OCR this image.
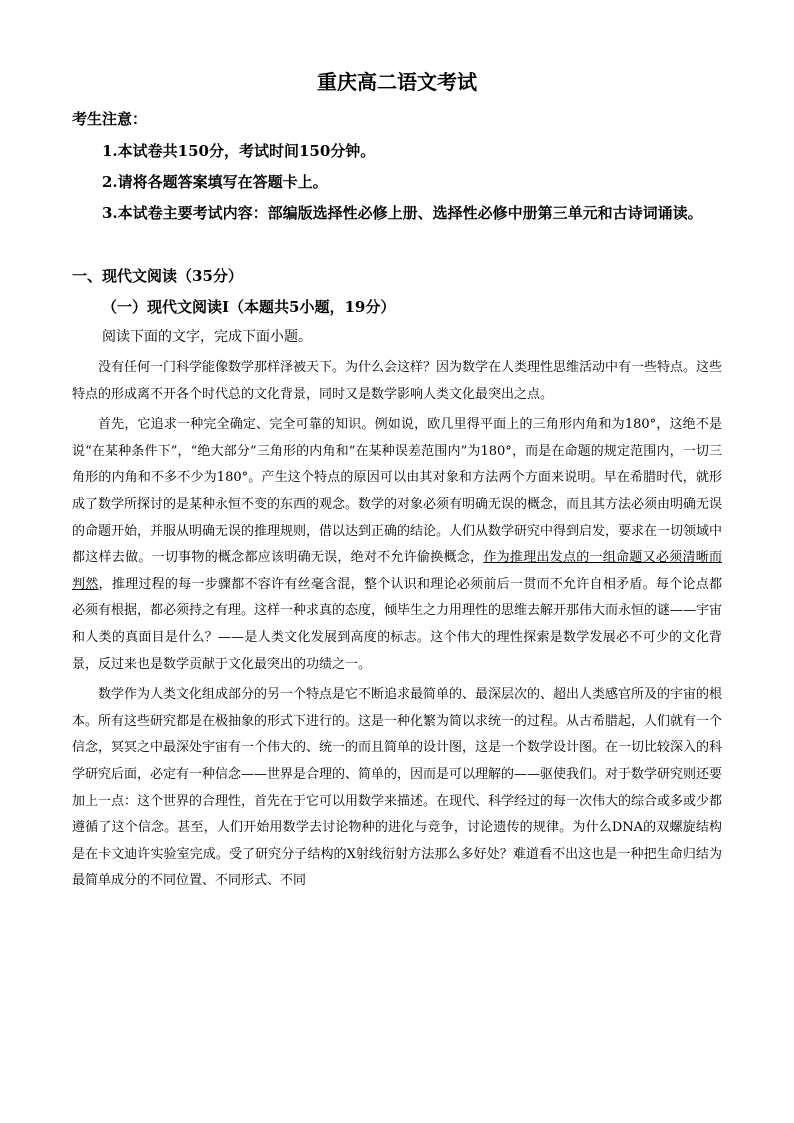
重庆高二语文考试
考生注意：

1.本试卷共150分，考试时间150分钟。

2.请将各题答案填写在答题卡上。

3.本试卷主要考试内容：部编版选择性必修上册、选择性必修中册第三单元和古诗词诵读。

一、现代文阅读（35分）
（一）现代文阅读Ⅰ（本题共5小题，19分）
阅读下面的文字，完成下面小题。

没有任何一门科学能像数学那样泽被天下。为什么会这样？因为数学在人类理性思维活动中有一些特点。这些特点的形成离不开各个时代总的文化背景，同时又是数学影响人类文化最突出之点。

首先，它追求一种完全确定、完全可靠的知识。例如说，欧几里得平面上的三角形内角和为180°，这绝不是说“在某种条件下”，“绝大部分”三角形的内角和“在某种误差范围内”为180°，而是在命题的规定范围内，一切三角形的内角和不多不少为180°。产生这个特点的原因可以由其对象和方法两个方面来说明。早在希腊时代，就形成了数学所探讨的是某种永恒不变的东西的观念。数学的对象必须有明确无误的概念，而且其方法必须由明确无误的命题开始，并服从明确无误的推理规则，借以达到正确的结论。人们从数学研究中得到启发，要求在一切领域中都这样去做。一切事物的概念都应该明确无误，绝对不允许偷换概念，作为推理出发点的一组命题又必须清晰而判然，推理过程的每一步骤都不容许有丝毫含混，整个认识和理论必须前后一贯而不允许自相矛盾。每个论点都必须有根据，都必须持之有理。这样一种求真的态度，倾毕生之力用理性的思维去解开那伟大而永恒的谜——宇宙和人类的真面目是什么？——是人类文化发展到高度的标志。这个伟大的理性探索是数学发展必不可少的文化背景，反过来也是数学贡献于文化最突出的功绩之一。

数学作为人类文化组成部分的另一个特点是它不断追求最简单的、最深层次的、超出人类感官所及的宇宙的根本。所有这些研究都是在极抽象的形式下进行的。这是一种化繁为简以求统一的过程。从古希腊起，人们就有一个信念，冥冥之中最深处宇宙有一个伟大的、统一的而且简单的设计图，这是一个数学设计图。在一切比较深入的科学研究后面，必定有一种信念——世界是合理的、简单的，因而是可以理解的——驱使我们。对于数学研究则还要加上一点：这个世界的合理性，首先在于它可以用数学来描述。在现代、科学经过的每一次伟大的综合或多或少都遵循了这个信念。甚至，人们开始用数学去讨论物种的进化与竞争，讨论遗传的规律。为什么DNA的双螺旋结构是在卡文迪许实验室完成。受了研究分子结构的X射线衍射方法那么多好处？难道看不出这也是一种把生命归结为最简单成分的不同位置、不同形式、不同
